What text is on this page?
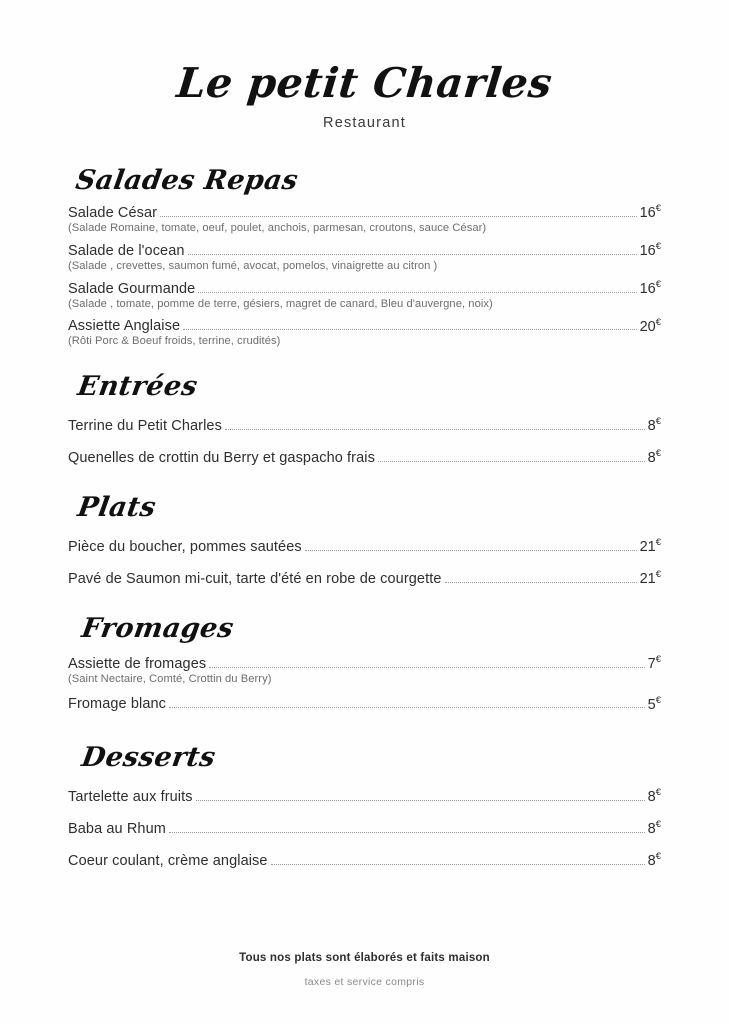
Le petit Charles
Restaurant
Salades Repas
Salade César	16€
(Salade Romaine, tomate, oeuf, poulet, anchois, parmesan, croutons, sauce César)
Salade de l'ocean	16€
(Salade , crevettes, saumon fumé, avocat, pomelos, vinaigrette au citron )
Salade Gourmande	16€
(Salade , tomate, pomme de terre, gésiers, magret de canard, Bleu d'auvergne, noix)
Assiette Anglaise	20€
(Rôti Porc & Boeuf froids, terrine, crudités)
Entrées
Terrine du Petit Charles	8€
Quenelles de crottin du Berry et gaspacho frais	8€
Plats
Pièce du boucher, pommes sautées	21€
Pavé de Saumon mi-cuit, tarte d'été en robe de courgette	21€
Fromages
Assiette de fromages	7€
(Saint Nectaire, Comté, Crottin du Berry)
Fromage blanc	5€
Desserts
Tartelette aux fruits	8€
Baba au Rhum	8€
Coeur coulant, crème anglaise	8€
Tous nos plats sont élaborés et faits maison
taxes et service compris
